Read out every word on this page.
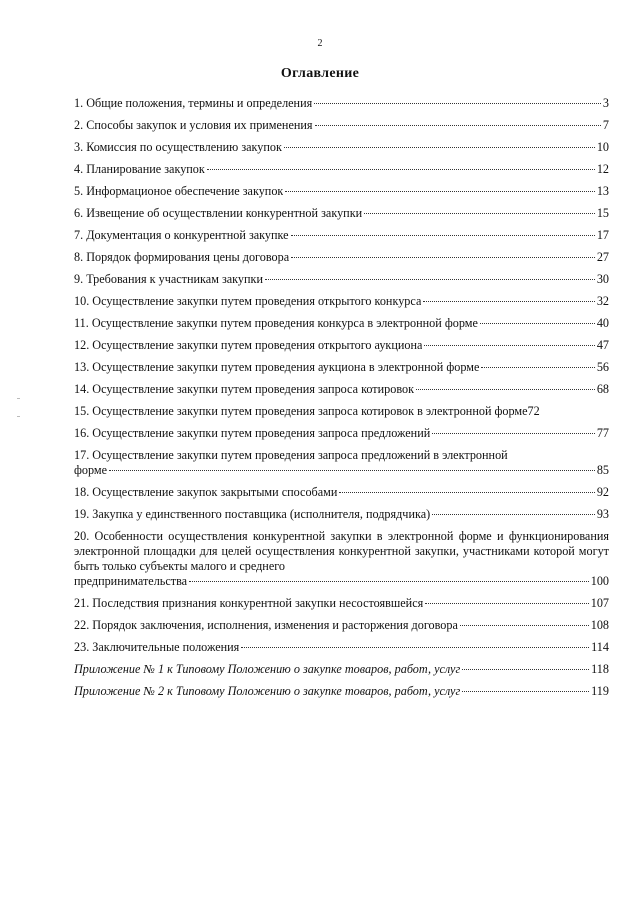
2
Оглавление
1. Общие положения, термины и определения	3
2. Способы закупок и условия их применения	7
3. Комиссия по осуществлению закупок	10
4. Планирование закупок	12
5. Информационое обеспечение закупок	13
6. Извещение об осуществлении конкурентной закупки	15
7. Документация о конкурентной закупке	17
8. Порядок формирования цены договора	27
9. Требования к участникам закупки	30
10. Осуществление закупки путем проведения открытого конкурса	32
11. Осуществление закупки путем проведения конкурса в электронной форме	40
12. Осуществление закупки путем проведения открытого аукциона	47
13. Осуществление закупки путем проведения аукциона в электронной форме	56
14. Осуществление закупки путем проведения запроса котировок	68
15. Осуществление закупки путем проведения запроса котировок в электронной форме 72
16. Осуществление закупки путем проведения запроса предложений	77
17. Осуществление закупки путем проведения запроса предложений в электронной
форме	85
18. Осуществление закупок закрытыми способами	92
19. Закупка у единственного поставщика (исполнителя, подрядчика)	93
20. Особенности осуществления конкурентной закупки в электронной форме и функционирования электронной площадки для целей осуществления конкурентной закупки, участниками которой могут быть только субъекты малого и среднего
предпринимательства	100
21. Последствия признания конкурентной закупки несостоявшейся	107
22. Порядок заключения, исполнения, изменения и расторжения договора	108
23. Заключительные положения	114
Приложение № 1 к Типовому Положению о закупке товаров, работ, услуг	118
Приложение № 2 к Типовому Положению о закупке товаров, работ, услуг	119
